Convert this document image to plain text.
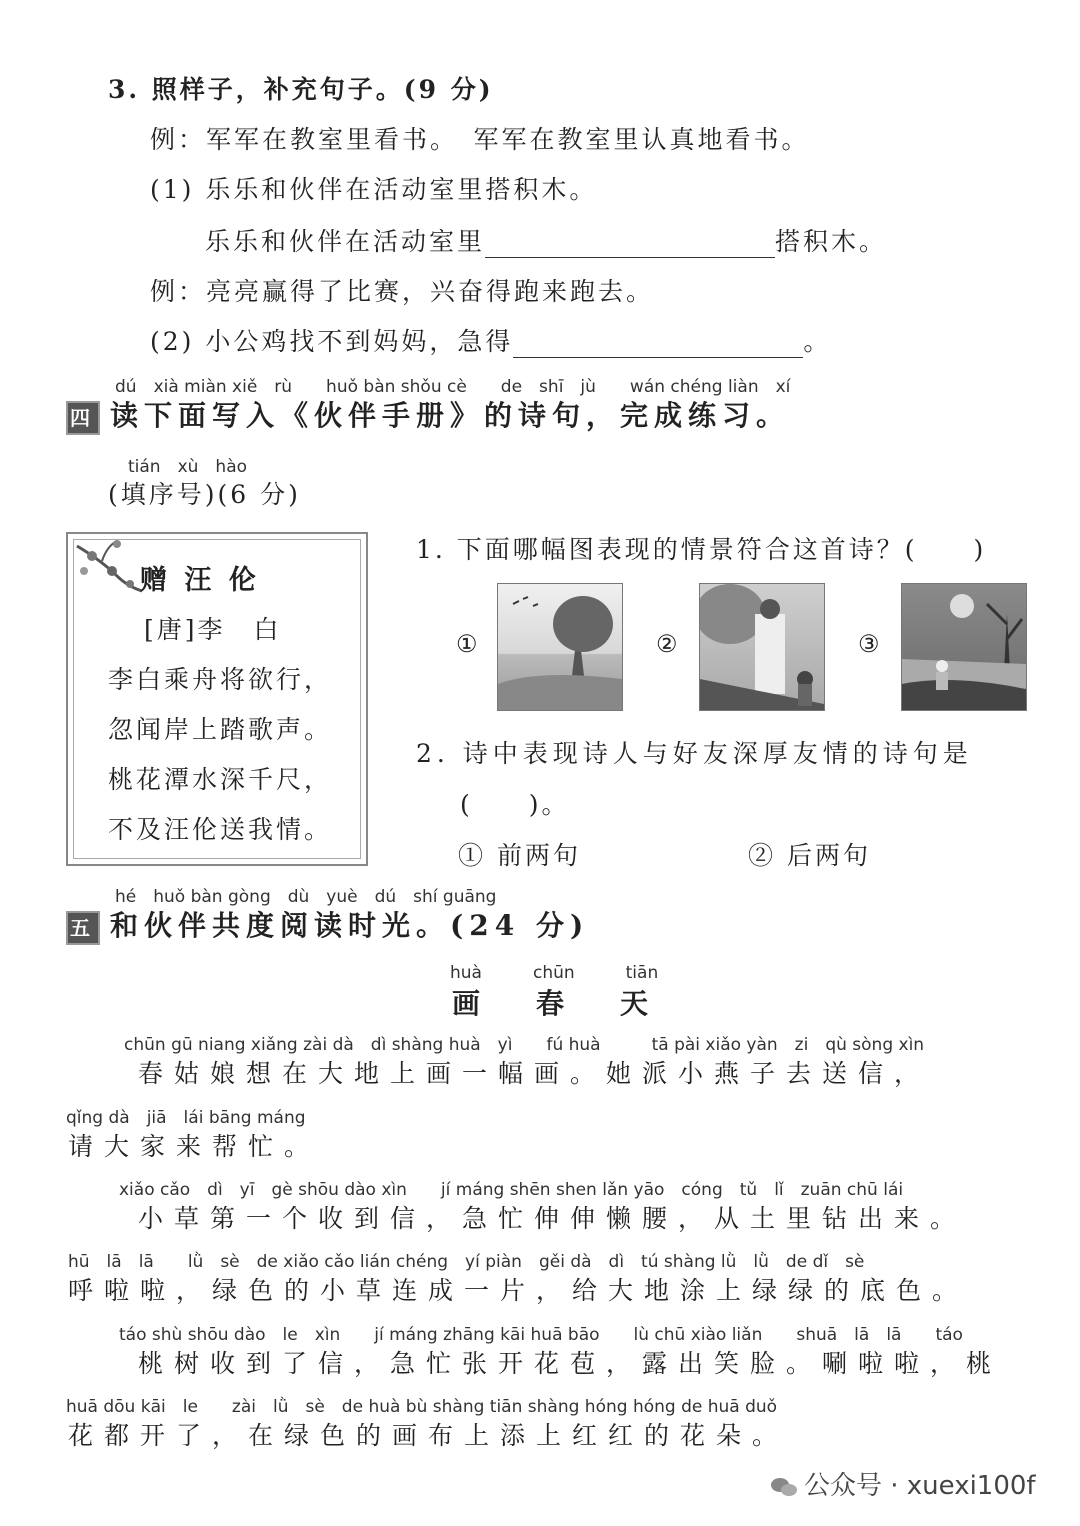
3. 照样子，补充句子。(9 分)
例：军军在教室里看书。　军军在教室里认真地看书。
(1) 乐乐和伙伴在活动室里搭积木。
乐乐和伙伴在活动室里	搭积木。
例：亮亮赢得了比赛，兴奋得跑来跑去。
(2) 小公鸡找不到妈妈，急得	。
dú　xià miàn xiě　rù　　huǒ bàn shǒu cè　　de　shī　jù　　wán chéng liàn　xí
四 读下面写入《伙伴手册》的诗句，完成练习。
tián　xù　hào
(填序号)(6 分)
赠 汪 伦
[唐]李　白
李白乘舟将欲行，
忽闻岸上踏歌声。
桃花潭水深千尺，
不及汪伦送我情。
1. 下面哪幅图表现的情景符合这首诗？(　　)
①	②	③
2. 诗中表现诗人与好友深厚友情的诗句是
(　　)。
① 前两句	② 后两句
hé　huǒ bàn gòng　dù　yuè　dú　shí guāng
五 和伙伴共度阅读时光。(24 分)
huà　　　chūn　　　tiān
画　春　天
chūn gū niang xiǎng zài dà　dì shàng huà　yì　　fú huà　　　tā pài xiǎo yàn　zi　qù sòng xìn
　春姑娘想在大地上画一幅画。她派小燕子去送信，
qǐng dà　jiā　lái bāng máng
请大家来帮忙。
　xiǎo cǎo　dì　yī　gè shōu dào xìn　　jí máng shēn shen lǎn yāo　cóng　tǔ　lǐ　zuān chū lái
　小草第一个收到信，急忙伸伸懒腰，从土里钻出来。
hū　lā　lā　　lǜ　sè　de xiǎo cǎo lián chéng　yí piàn　gěi dà　dì　tú shàng lǜ　lǜ　de dǐ　sè
呼啦啦，绿色的小草连成一片，给大地涂上绿绿的底色。
　táo shù shōu dào　le　xìn　　jí máng zhāng kāi huā bāo　　lù chū xiào liǎn　　shuā　lā　lā　　táo
　桃树收到了信，急忙张开花苞，露出笑脸。唰啦啦，桃
huā dōu kāi　le　　zài　lǜ　sè　de huà bù shàng tiān shàng hóng hóng de huā duǒ
花都开了，在绿色的画布上添上红红的花朵。
公众号 · xuexi100f
